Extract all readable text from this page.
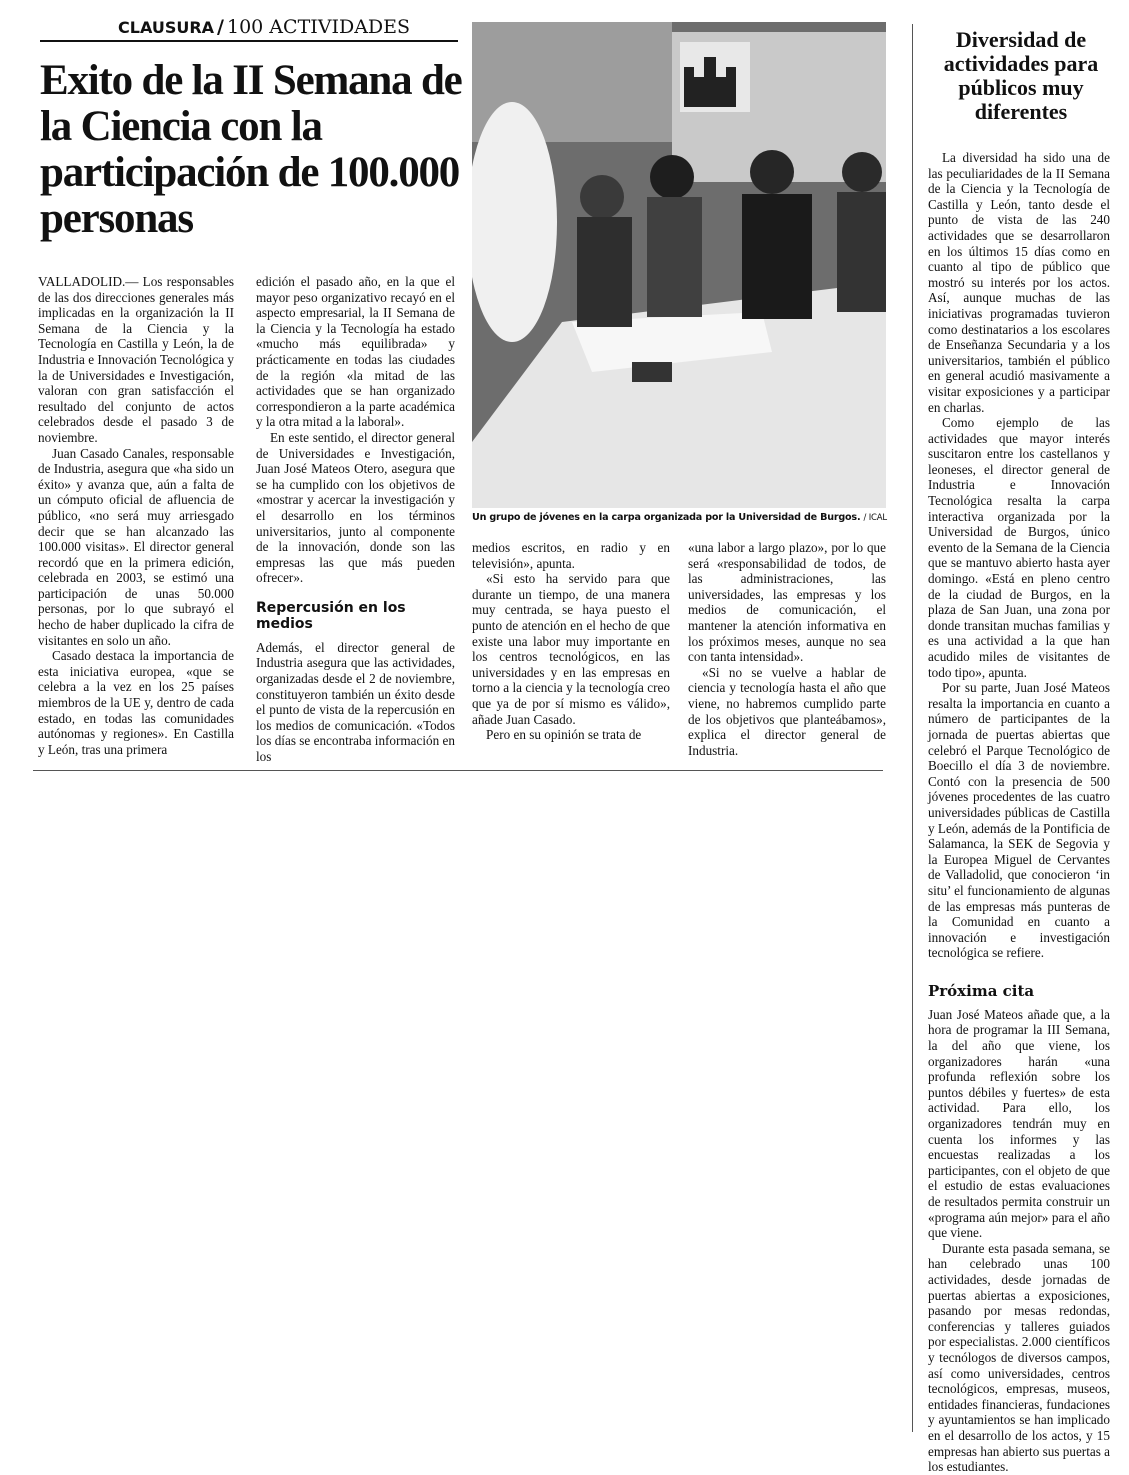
CLAUSURA / 100 ACTIVIDADES
Exito de la II Semana de la Ciencia con la participación de 100.000 personas

VALLADOLID.— Los responsables de las dos direcciones generales más implicadas en la organización la II Semana de la Ciencia y la Tecnología en Castilla y León, la de Industria e Innovación Tecnológica y la de Universidades e Investigación, valoran con gran satisfacción el resultado del conjunto de actos celebrados desde el pasado 3 de noviembre.

Juan Casado Canales, responsable de Industria, asegura que «ha sido un éxito» y avanza que, aún a falta de un cómputo oficial de afluencia de público, «no será muy arriesgado decir que se han alcanzado las 100.000 visitas». El director general recordó que en la primera edición, celebrada en 2003, se estimó una participación de unas 50.000 personas, por lo que subrayó el hecho de haber duplicado la cifra de visitantes en solo un año.

Casado destaca la importancia de esta iniciativa europea, «que se celebra a la vez en los 25 países miembros de la UE y, dentro de cada estado, en todas las comunidades autónomas y regiones». En Castilla y León, tras una primera

edición el pasado año, en la que el mayor peso organizativo recayó en el aspecto empresarial, la II Semana de la Ciencia y la Tecnología ha estado «mucho más equilibrada» y prácticamente en todas las ciudades de la región «la mitad de las actividades que se han organizado correspondieron a la parte académica y la otra mitad a la laboral».

En este sentido, el director general de Universidades e Investigación, Juan José Mateos Otero, asegura que se ha cumplido con los objetivos de «mostrar y acercar la investigación y el desarrollo en los términos universitarios, junto al componente de la innovación, donde son las empresas las que más pueden ofrecer».

Repercusión en los medios

Además, el director general de Industria asegura que las actividades, organizadas desde el 2 de noviembre, constituyeron también un éxito desde el punto de vista de la repercusión en los medios de comunicación. «Todos los días se encontraba información en los

Un grupo de jóvenes en la carpa organizada por la Universidad de Burgos. / ICAL

medios escritos, en radio y en televisión», apunta.

«Si esto ha servido para que durante un tiempo, de una manera muy centrada, se haya puesto el punto de atención en el hecho de que existe una labor muy importante en los centros tecnológicos, en las universidades y en las empresas en torno a la ciencia y la tecnología creo que ya de por sí mismo es válido», añade Juan Casado.

Pero en su opinión se trata de

«una labor a largo plazo», por lo que será «responsabilidad de todos, de las administraciones, las universidades, las empresas y los medios de comunicación, el mantener la atención informativa en los próximos meses, aunque no sea con tanta intensidad».

«Si no se vuelve a hablar de ciencia y tecnología hasta el año que viene, no habremos cumplido parte de los objetivos que planteábamos», explica el director general de Industria.

Diversidad de actividades para públicos muy diferentes

La diversidad ha sido una de las peculiaridades de la II Semana de la Ciencia y la Tecnología de Castilla y León, tanto desde el punto de vista de las 240 actividades que se desarrollaron en los últimos 15 días como en cuanto al tipo de público que mostró su interés por los actos. Así, aunque muchas de las iniciativas programadas tuvieron como destinatarios a los escolares de Enseñanza Secundaria y a los universitarios, también el público en general acudió masivamente a visitar exposiciones y a participar en charlas.

Como ejemplo de las actividades que mayor interés suscitaron entre los castellanos y leoneses, el director general de Industria e Innovación Tecnológica resalta la carpa interactiva organizada por la Universidad de Burgos, único evento de la Semana de la Ciencia que se mantuvo abierto hasta ayer domingo. «Está en pleno centro de la ciudad de Burgos, en la plaza de San Juan, una zona por donde transitan muchas familias y es una actividad a la que han acudido miles de visitantes de todo tipo», apunta.

Por su parte, Juan José Mateos resalta la importancia en cuanto a número de participantes de la jornada de puertas abiertas que celebró el Parque Tecnológico de Boecillo el día 3 de noviembre. Contó con la presencia de 500 jóvenes procedentes de las cuatro universidades públicas de Castilla y León, además de la Pontificia de Salamanca, la SEK de Segovia y la Europea Miguel de Cervantes de Valladolid, que conocieron ‘in situ’ el funcionamiento de algunas de las empresas más punteras de la Comunidad en cuanto a innovación e investigación tecnológica se refiere.

Próxima cita

Juan José Mateos añade que, a la hora de programar la III Semana, la del año que viene, los organizadores harán «una profunda reflexión sobre los puntos débiles y fuertes» de esta actividad. Para ello, los organizadores tendrán muy en cuenta los informes y las encuestas realizadas a los participantes, con el objeto de que el estudio de estas evaluaciones de resultados permita construir un «programa aún mejor» para el año que viene.

Durante esta pasada semana, se han celebrado unas 100 actividades, desde jornadas de puertas abiertas a exposiciones, pasando por mesas redondas, conferencias y talleres guiados por especialistas. 2.000 científicos y tecnólogos de diversos campos, así como universidades, centros tecnológicos, empresas, museos, entidades financieras, fundaciones y ayuntamientos se han implicado en el desarrollo de los actos, y 15 empresas han abierto sus puertas a los estudiantes.
